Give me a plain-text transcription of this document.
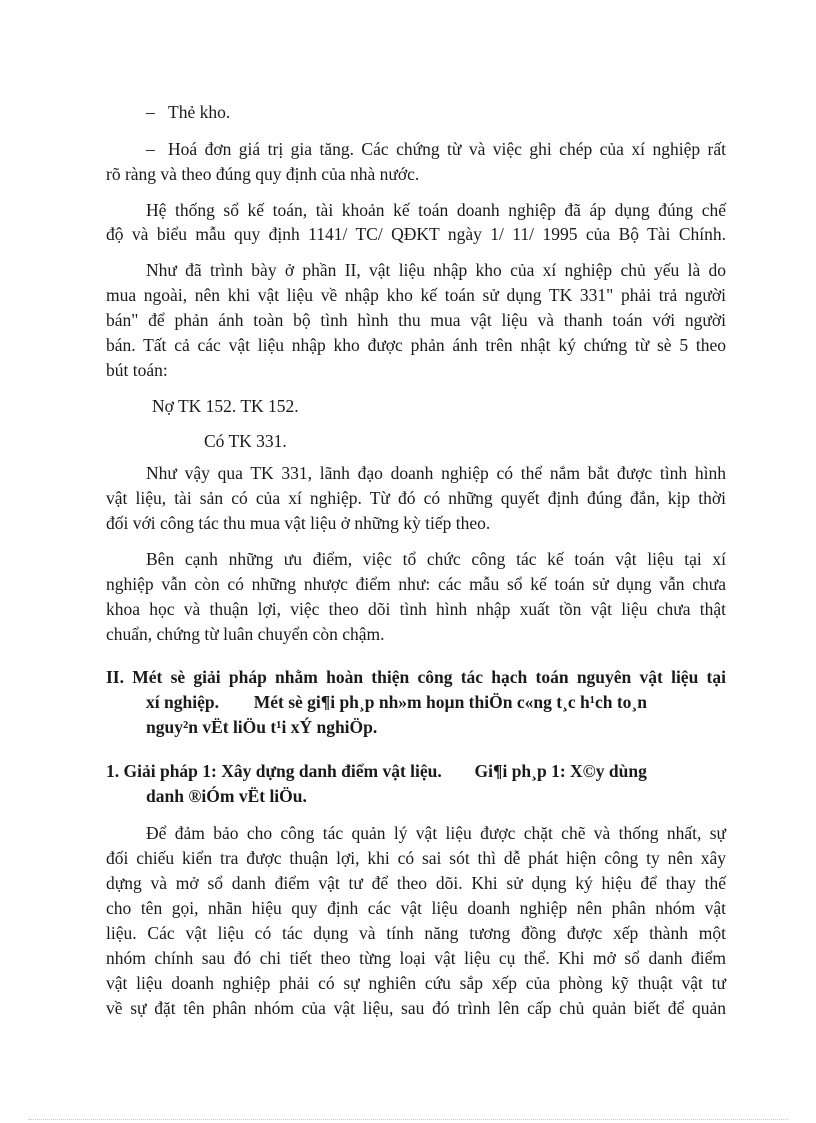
– Thẻ kho.
– Hoá đơn giá trị gia tăng. Các chứng từ và việc ghi chép của xí nghiệp rất
rõ ràng và theo đúng quy định của nhà nước.
Hệ thống sổ kế toán, tài khoản kế toán doanh nghiệp đã áp dụng đúng chế
độ và biểu mẫu quy định 1141/ TC/ QĐKT ngày 1/ 11/ 1995 của Bộ Tài Chính.
Như đã trình bày ở phần II, vật liệu nhập kho của xí nghiệp chủ yếu là do
mua ngoài, nên khi vật liệu về nhập kho kế toán sử dụng TK 331" phải trả người
bán" để phản ánh toàn bộ tình hình thu mua vật liệu và thanh toán với người
bán. Tất cả các vật liệu nhập kho được phản ánh trên nhật ký chứng từ sè 5 theo
bút toán:
Nợ TK 152. TK 152.
Có TK 331.
Như vậy qua TK 331, lãnh đạo doanh nghiệp có thể nắm bắt được tình hình
vật liệu, tài sản có của xí nghiệp. Từ đó có những quyết định đúng đắn, kịp thời
đối với công tác thu mua vật liệu ở những kỳ tiếp theo.
Bên cạnh những ưu điểm, việc tổ chức công tác kế toán vật liệu tại xí
nghiệp vẫn còn có những nhược điểm như: các mẫu sổ kế toán sử dụng vẫn chưa
khoa học và thuận lợi, việc theo dõi tình hình nhập xuất tồn vật liệu chưa thật
chuẩn, chứng từ luân chuyển còn chậm.
II. Mét sè giải pháp nhằm hoàn thiện công tác hạch toán nguyên vật liệu tại
xí nghiệp. Mét sè gi¶i ph¸p nh»m hoµn thiÖn c«ng t¸c h¹ch to¸n
nguy²n vËt liÖu t¹i xÝ nghiÖp.
1. Giải pháp 1: Xây dựng danh điểm vật liệu. Gi¶i ph¸p 1: X©y dùng
danh ®iÓm vËt liÖu.
Để đảm bảo cho công tác quản lý vật liệu được chặt chẽ và thống nhất, sự
đối chiếu kiển tra được thuận lợi, khi có sai sót thì dễ phát hiện công ty nên xây
dựng và mở sổ danh điểm vật tư để theo dõi. Khi sử dụng ký hiệu để thay thế
cho tên gọi, nhãn hiệu quy định các vật liệu doanh nghiệp nên phân nhóm vật
liệu. Các vật liệu có tác dụng và tính năng tương đồng được xếp thành một
nhóm chính sau đó chi tiết theo từng loại vật liệu cụ thể. Khi mở sổ danh điểm
vật liệu doanh nghiệp phải có sự nghiên cứu sắp xếp của phòng kỹ thuật vật tư
về sự đặt tên phân nhóm của vật liệu, sau đó trình lên cấp chủ quản biết để quản
